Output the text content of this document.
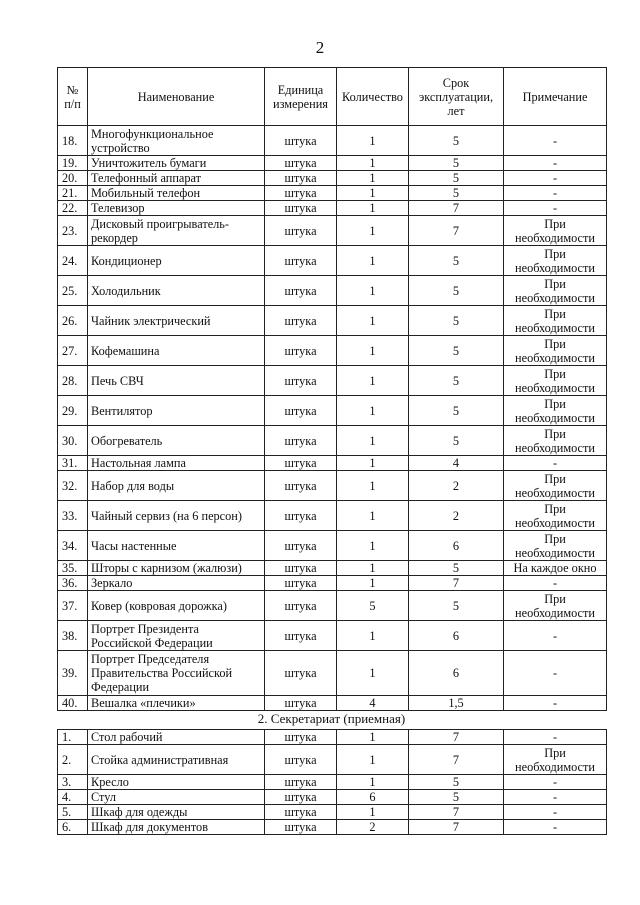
2
№ п/п	Наименование	Единица измерения	Количество	Срок эксплуатации, лет	Примечание
18.	Многофункциональное устройство	штука	1	5	-
19.	Уничтожитель бумаги	штука	1	5	-
20.	Телефонный аппарат	штука	1	5	-
21.	Мобильный телефон	штука	1	5	-
22.	Телевизор	штука	1	7	-
23.	Дисковый проигрыватель-рекордер	штука	1	7	При необходимости
24.	Кондиционер	штука	1	5	При необходимости
25.	Холодильник	штука	1	5	При необходимости
26.	Чайник электрический	штука	1	5	При необходимости
27.	Кофемашина	штука	1	5	При необходимости
28.	Печь СВЧ	штука	1	5	При необходимости
29.	Вентилятор	штука	1	5	При необходимости
30.	Обогреватель	штука	1	5	При необходимости
31.	Настольная лампа	штука	1	4	-
32.	Набор для воды	штука	1	2	При необходимости
33.	Чайный сервиз (на 6 персон)	штука	1	2	При необходимости
34.	Часы настенные	штука	1	6	При необходимости
35.	Шторы с карнизом (жалюзи)	штука	1	5	На каждое окно
36.	Зеркало	штука	1	7	-
37.	Ковер (ковровая дорожка)	штука	5	5	При необходимости
38.	Портрет Президента Российской Федерации	штука	1	6	-
39.	Портрет Председателя Правительства Российской Федерации	штука	1	6	-
40.	Вешалка «плечики»	штука	4	1,5	-
2. Секретариат (приемная)
1.	Стол рабочий	штука	1	7	-
2.	Стойка административная	штука	1	7	При необходимости
3.	Кресло	штука	1	5	-
4.	Стул	штука	6	5	-
5.	Шкаф для одежды	штука	1	7	-
6.	Шкаф для документов	штука	2	7	-
